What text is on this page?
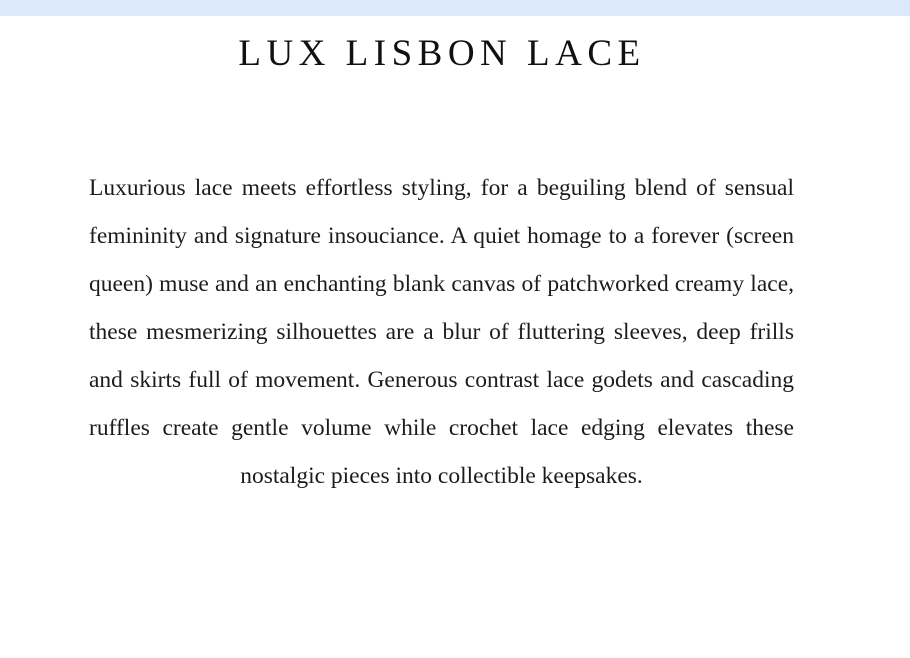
LUX LISBON LACE

Luxurious lace meets effortless styling, for a beguiling blend of sensual femininity and signature insouciance. A quiet homage to a forever (screen queen) muse and an enchanting blank canvas of patchworked creamy lace, these mesmerizing silhouettes are a blur of fluttering sleeves, deep frills and skirts full of movement. Generous contrast lace godets and cascading ruffles create gentle volume while crochet lace edging elevates these nostalgic pieces into collectible keepsakes.
